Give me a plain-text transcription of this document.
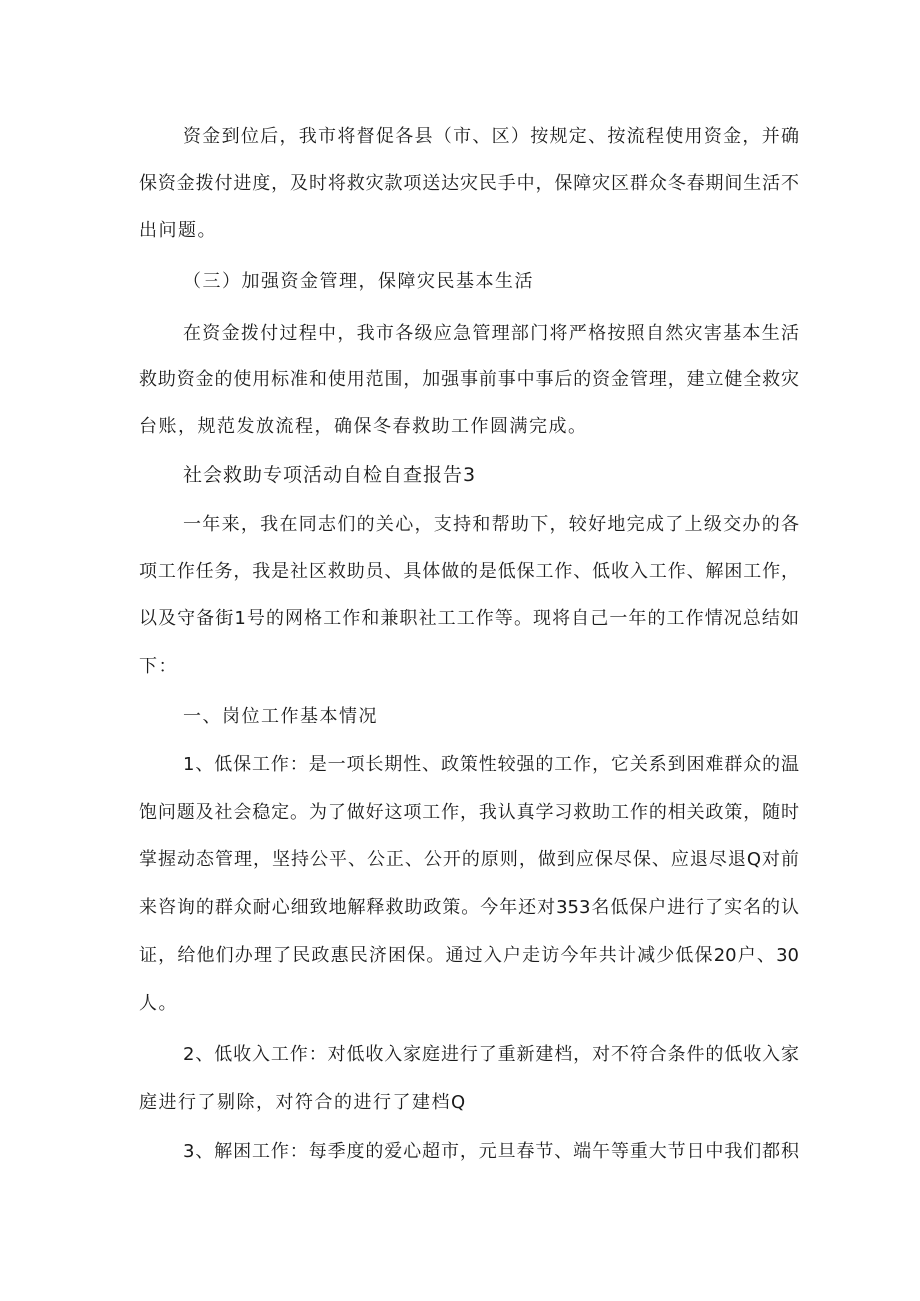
资金到位后，我市将督促各县（市、区）按规定、按流程使用资金，并确
保资金拨付进度，及时将救灾款项送达灾民手中，保障灾区群众冬春期间生活不
出问题。
（三）加强资金管理，保障灾民基本生活
在资金拨付过程中，我市各级应急管理部门将严格按照自然灾害基本生活
救助资金的使用标准和使用范围，加强事前事中事后的资金管理，建立健全救灾
台账，规范发放流程，确保冬春救助工作圆满完成。
社会救助专项活动自检自查报告3
一年来，我在同志们的关心，支持和帮助下，较好地完成了上级交办的各
项工作任务，我是社区救助员、具体做的是低保工作、低收入工作、解困工作，
以及守备街1号的网格工作和兼职社工工作等。现将自己一年的工作情况总结如
下：
一、岗位工作基本情况
1、低保工作：是一项长期性、政策性较强的工作，它关系到困难群众的温
饱问题及社会稳定。为了做好这项工作，我认真学习救助工作的相关政策，随时
掌握动态管理，坚持公平、公正、公开的原则，做到应保尽保、应退尽退Q对前
来咨询的群众耐心细致地解释救助政策。今年还对353名低保户进行了实名的认
证，给他们办理了民政惠民济困保。通过入户走访今年共计减少低保20户、30
人。
2、低收入工作：对低收入家庭进行了重新建档，对不符合条件的低收入家
庭进行了剔除，对符合的进行了建档Q
3、解困工作：每季度的爱心超市，元旦春节、端午等重大节日中我们都积
